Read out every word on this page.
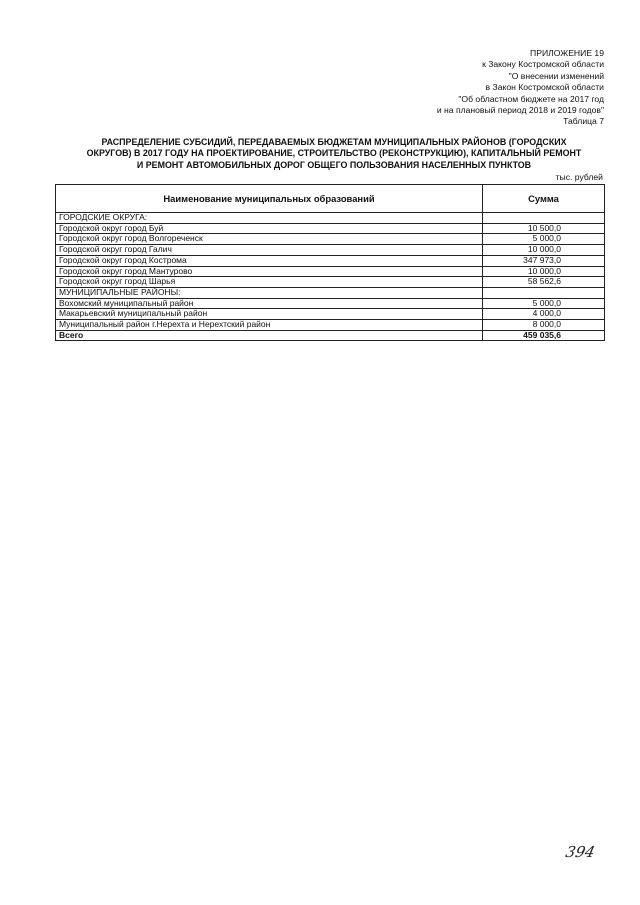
ПРИЛОЖЕНИЕ 19
к Закону Костромской области
"О внесении изменений
в Закон Костромской области
"Об областном бюджете на 2017 год
и на плановый период 2018 и 2019 годов"
Таблица 7
РАСПРЕДЕЛЕНИЕ СУБСИДИЙ, ПЕРЕДАВАЕМЫХ БЮДЖЕТАМ МУНИЦИПАЛЬНЫХ РАЙОНОВ (ГОРОДСКИХ
ОКРУГОВ) В 2017 ГОДУ НА ПРОЕКТИРОВАНИЕ, СТРОИТЕЛЬСТВО (РЕКОНСТРУКЦИЮ), КАПИТАЛЬНЫЙ РЕМОНТ
И РЕМОНТ АВТОМОБИЛЬНЫХ ДОРОГ ОБЩЕГО ПОЛЬЗОВАНИЯ НАСЕЛЕННЫХ ПУНКТОВ
тыс. рублей
Наименование муниципальных образований	Сумма
ГОРОДСКИЕ ОКРУГА:	
Городской округ город Буй	10 500,0
Городской округ город Волгореченск	5 000,0
Городской округ город Галич	10 000,0
Городской округ город Кострома	347 973,0
Городской округ город Мантурово	10 000,0
Городской округ город Шарья	58 562,6
МУНИЦИПАЛЬНЫЕ РАЙОНЫ:	
Вохомский муниципальный район	5 000,0
Макарьевский муниципальный район	4 000,0
Муниципальный район г.Нерехта и Нерехтский район	8 000,0
Всего	459 035,6
394
